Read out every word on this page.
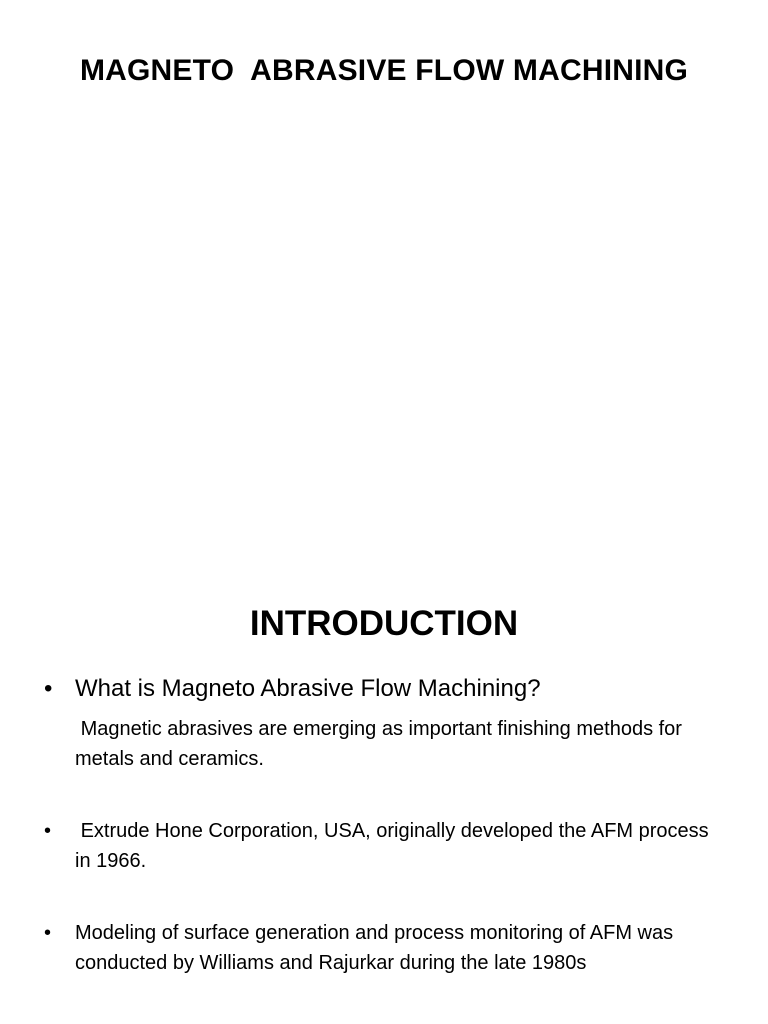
MAGNETO  ABRASIVE FLOW MACHINING
INTRODUCTION
• What is Magneto Abrasive Flow Machining?
Magnetic abrasives are emerging as important finishing methods for metals and ceramics.
• Extrude Hone Corporation, USA, originally developed the AFM process in 1966.
• Modeling of surface generation and process monitoring of AFM was conducted by Williams and Rajurkar during the late 1980s
